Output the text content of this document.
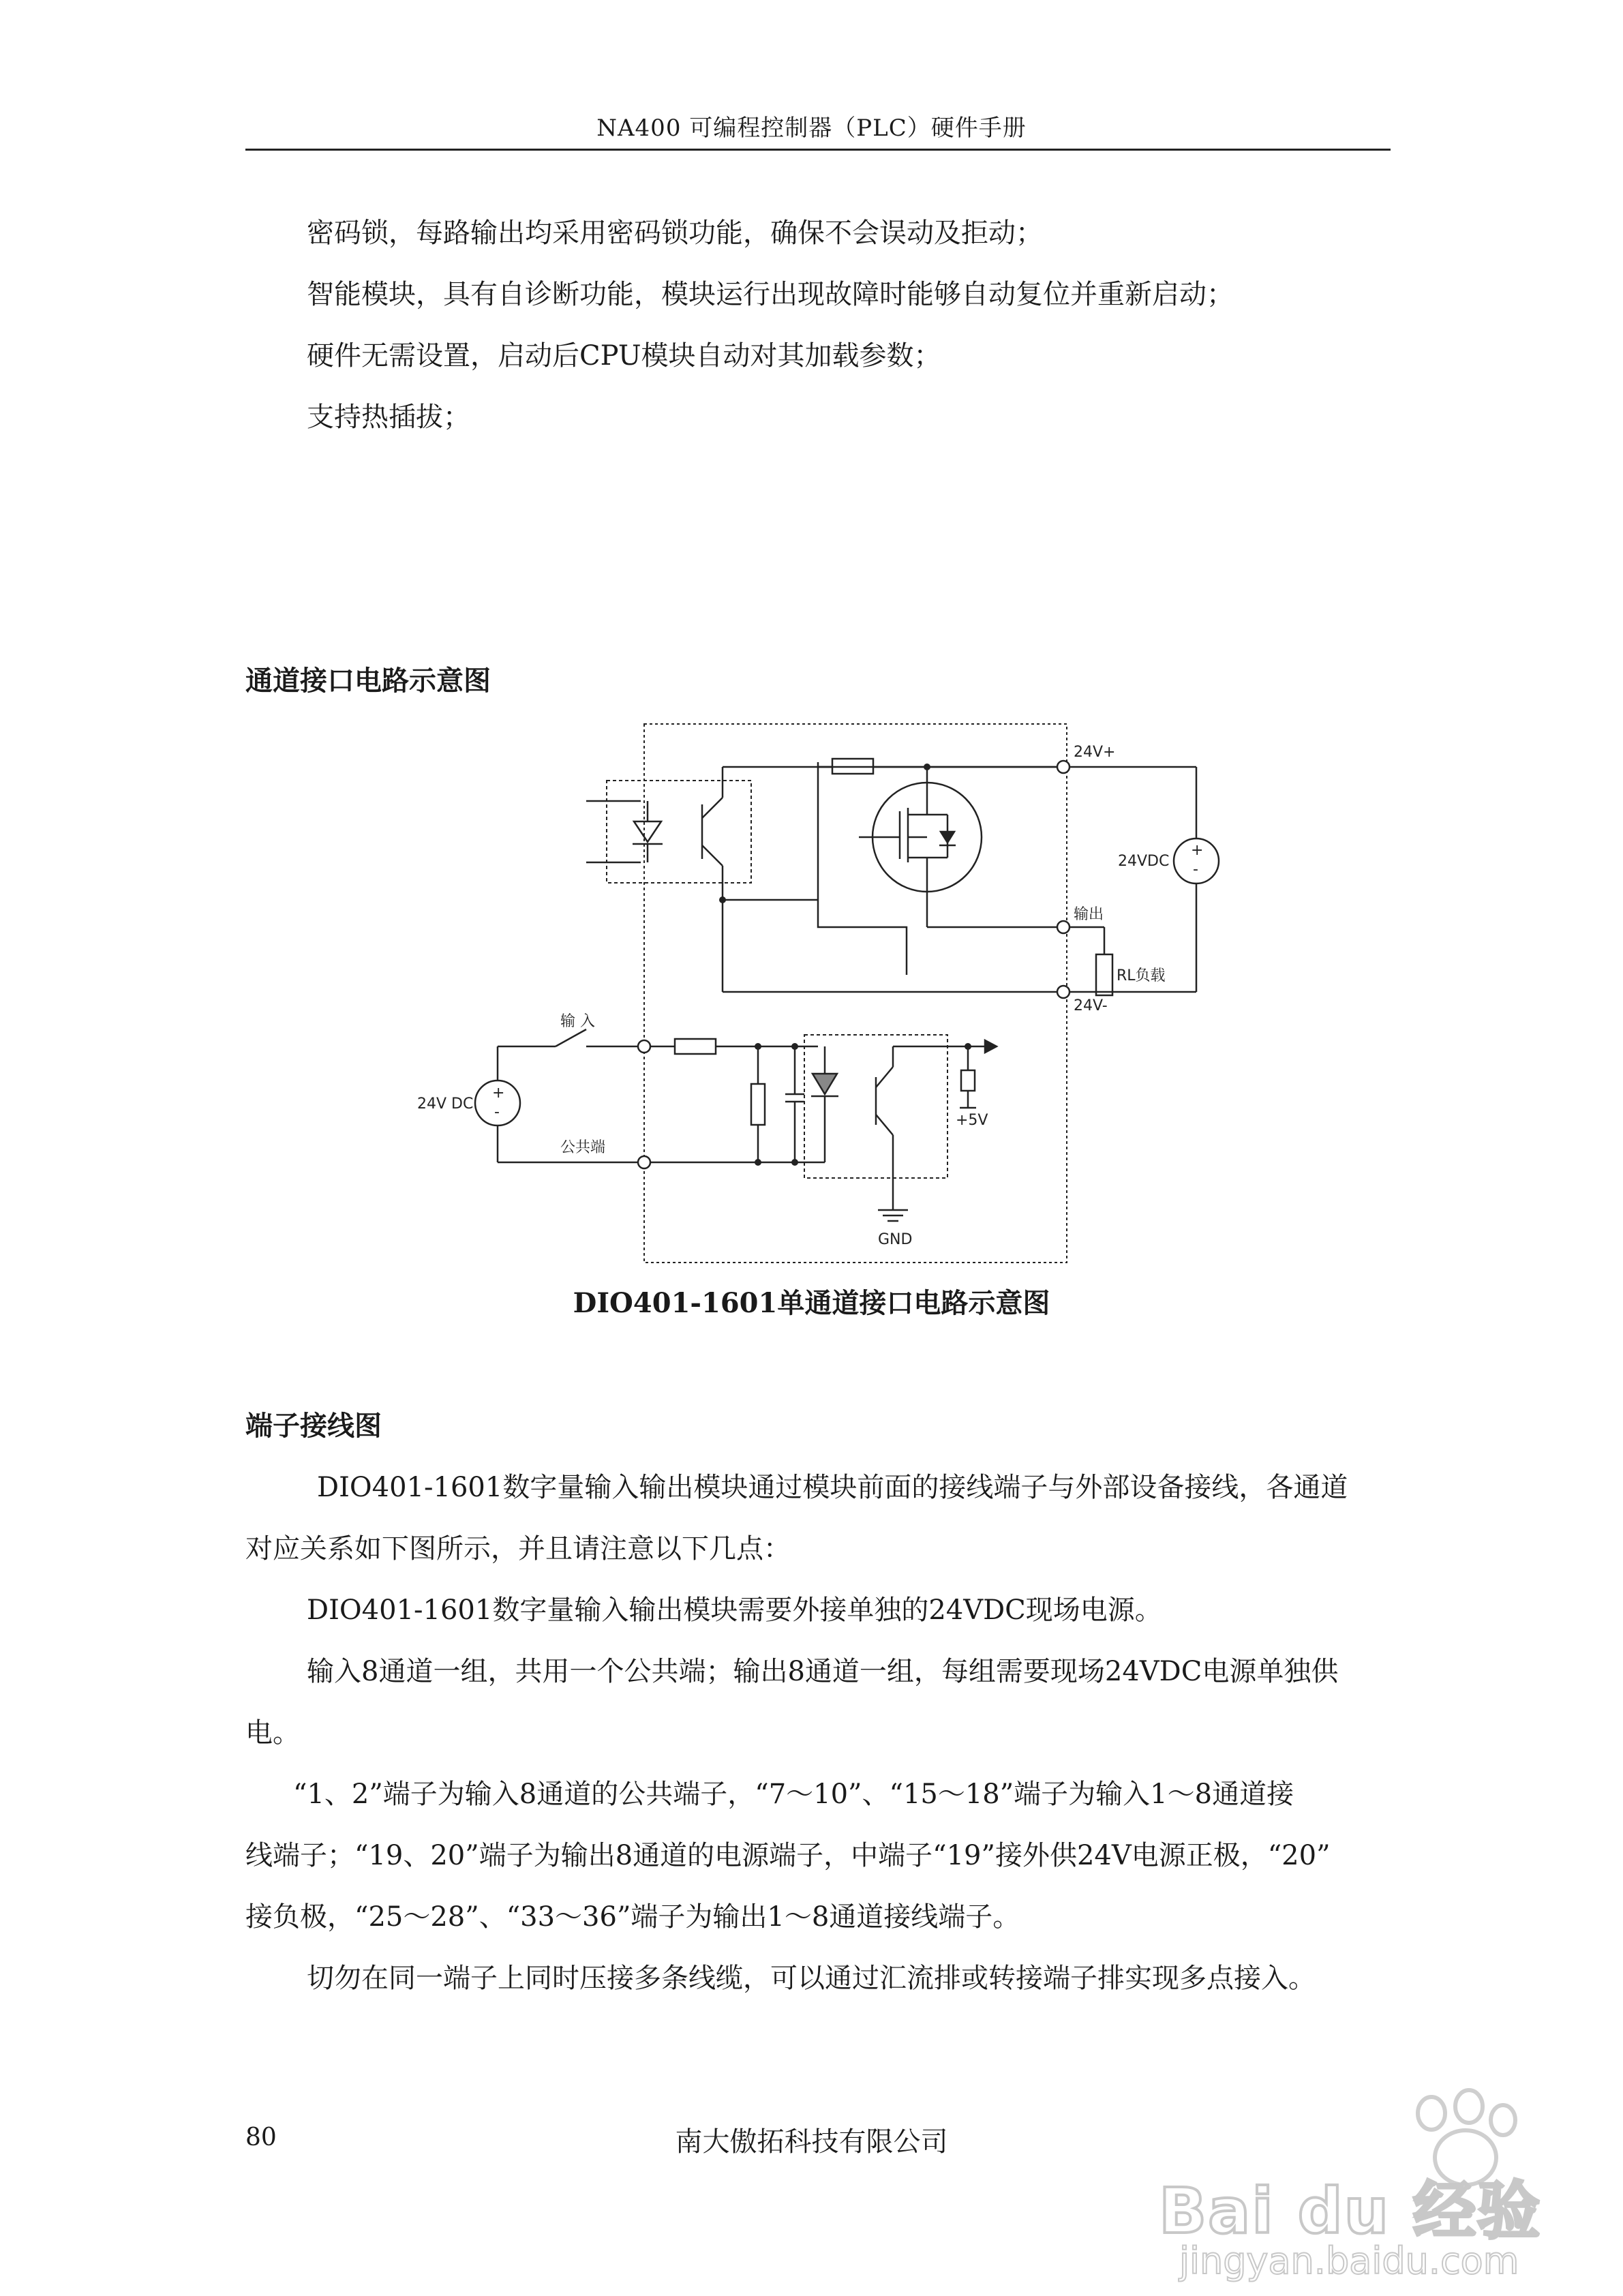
NA400 可编程控制器（PLC）硬件手册
密码锁，每路输出均采用密码锁功能，确保不会误动及拒动；
智能模块，具有自诊断功能，模块运行出现故障时能够自动复位并重新启动；
硬件无需设置，启动后CPU模块自动对其加载参数；
支持热插拔；
通道接口电路示意图
24V+
24VDC
+
-
输出
RL负载
24V-
输 入
24V DC
+
-
公共端
+5V
GND
DIO401-1601单通道接口电路示意图
端子接线图
DIO401-1601数字量输入输出模块通过模块前面的接线端子与外部设备接线，各通道
对应关系如下图所示，并且请注意以下几点：
DIO401-1601数字量输入输出模块需要外接单独的24VDC现场电源。
输入8通道一组，共用一个公共端；输出8通道一组，每组需要现场24VDC电源单独供
电。
“1、2”端子为输入8通道的公共端子，“7～10”、“15～18”端子为输入1～8通道接
线端子；“19、20”端子为输出8通道的电源端子，中端子“19”接外供24V电源正极，“20”
接负极，“25～28”、“33～36”端子为输出1～8通道接线端子。
切勿在同一端子上同时压接多条线缆，可以通过汇流排或转接端子排实现多点接入。
80	南大傲拓科技有限公司
Bai du 经验
jingyan.baidu.com
